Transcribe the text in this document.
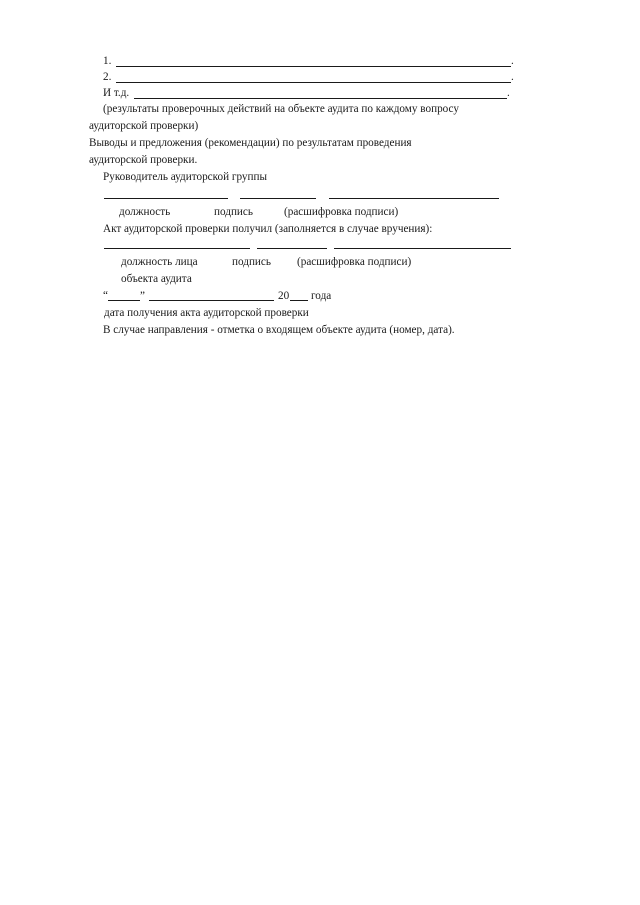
1.	.
2.	.
И т.д.	.
(результаты проверочных действий на объекте аудита по каждому вопросу
аудиторской проверки)
Выводы и предложения (рекомендации) по результатам проведения
аудиторской проверки.
Руководитель аудиторской группы
должность	подпись	(расшифровка подписи)
Акт аудиторской проверки получил (заполняется в случае вручения):
должность лица	подпись (расшифровка подписи)
объекта аудита
“	”	20 года
дата получения акта аудиторской проверки
В случае направления - отметка о входящем объекте аудита (номер, дата).
